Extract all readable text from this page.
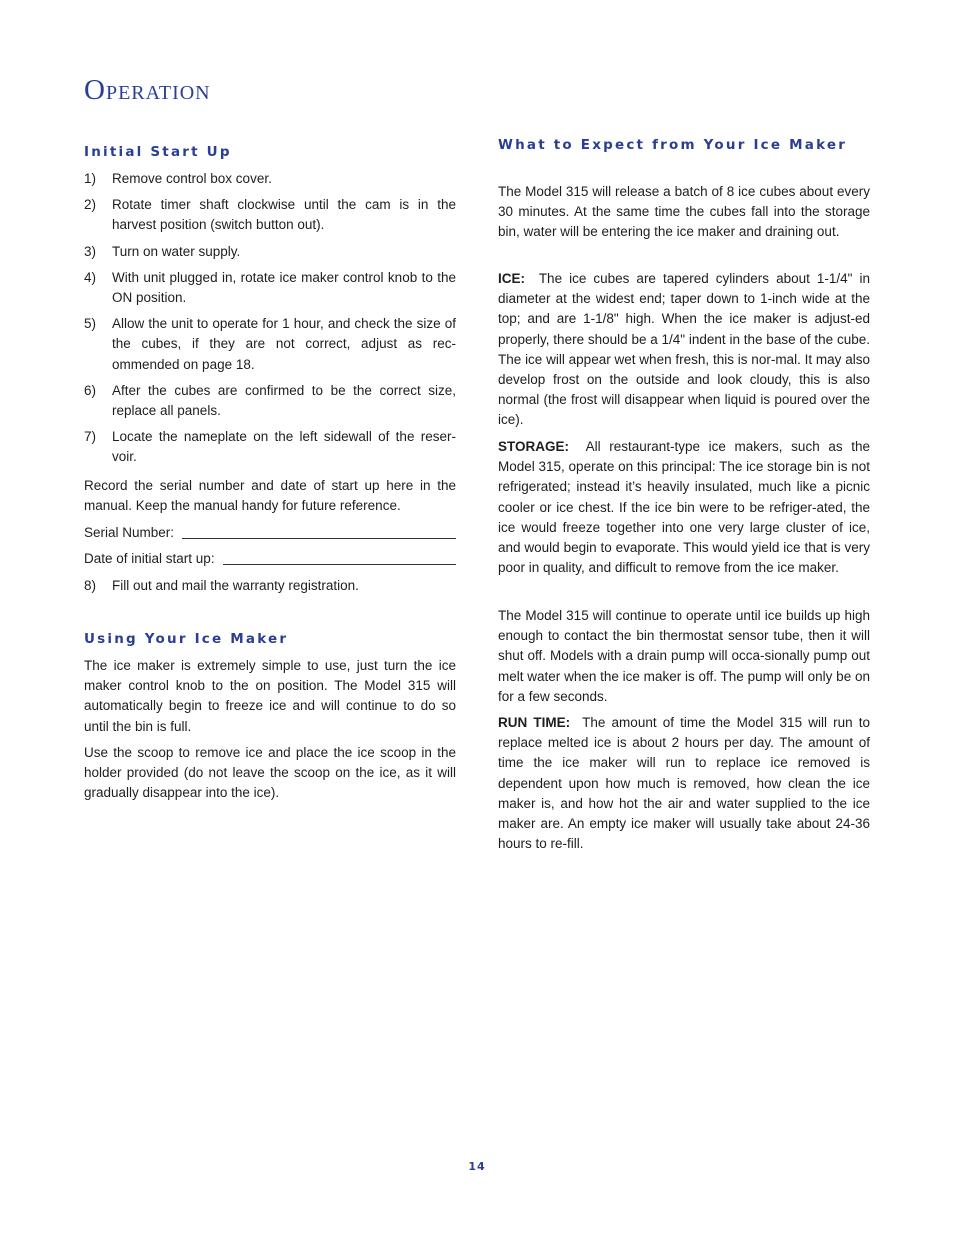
Operation
Initial Start Up
1) Remove control box cover.
2) Rotate timer shaft clockwise until the cam is in the harvest position (switch button out).
3) Turn on water supply.
4) With unit plugged in, rotate ice maker control knob to the ON position.
5) Allow the unit to operate for 1 hour, and check the size of the cubes, if they are not correct, adjust as rec-ommended on page 18.
6) After the cubes are confirmed to be the correct size, replace all panels.
7) Locate the nameplate on the left sidewall of the reser-voir.

Record the serial number and date of start up here in the manual. Keep the manual handy for future reference.

Serial Number:
Date of initial start up:
8) Fill out and mail the warranty registration.
Using Your Ice Maker

The ice maker is extremely simple to use, just turn the ice maker control knob to the on position. The Model 315 will automatically begin to freeze ice and will continue to do so until the bin is full.

Use the scoop to remove ice and place the ice scoop in the holder provided (do not leave the scoop on the ice, as it will gradually disappear into the ice).

What to Expect from Your Ice Maker

The Model 315 will release a batch of 8 ice cubes about every 30 minutes. At the same time the cubes fall into the storage bin, water will be entering the ice maker and draining out.

ICE: The ice cubes are tapered cylinders about 1-1/4" in diameter at the widest end; taper down to 1-inch wide at the top; and are 1-1/8" high. When the ice maker is adjust-ed properly, there should be a 1/4" indent in the base of the cube. The ice will appear wet when fresh, this is nor-mal. It may also develop frost on the outside and look cloudy, this is also normal (the frost will disappear when liquid is poured over the ice).

STORAGE: All restaurant-type ice makers, such as the Model 315, operate on this principal: The ice storage bin is not refrigerated; instead it’s heavily insulated, much like a picnic cooler or ice chest. If the ice bin were to be refriger-ated, the ice would freeze together into one very large cluster of ice, and would begin to evaporate. This would yield ice that is very poor in quality, and difficult to remove from the ice maker.

The Model 315 will continue to operate until ice builds up high enough to contact the bin thermostat sensor tube, then it will shut off. Models with a drain pump will occa-sionally pump out melt water when the ice maker is off. The pump will only be on for a few seconds.

RUN TIME: The amount of time the Model 315 will run to replace melted ice is about 2 hours per day. The amount of time the ice maker will run to replace ice removed is dependent upon how much is removed, how clean the ice maker is, and how hot the air and water supplied to the ice maker are. An empty ice maker will usually take about 24-36 hours to re-fill.

14
